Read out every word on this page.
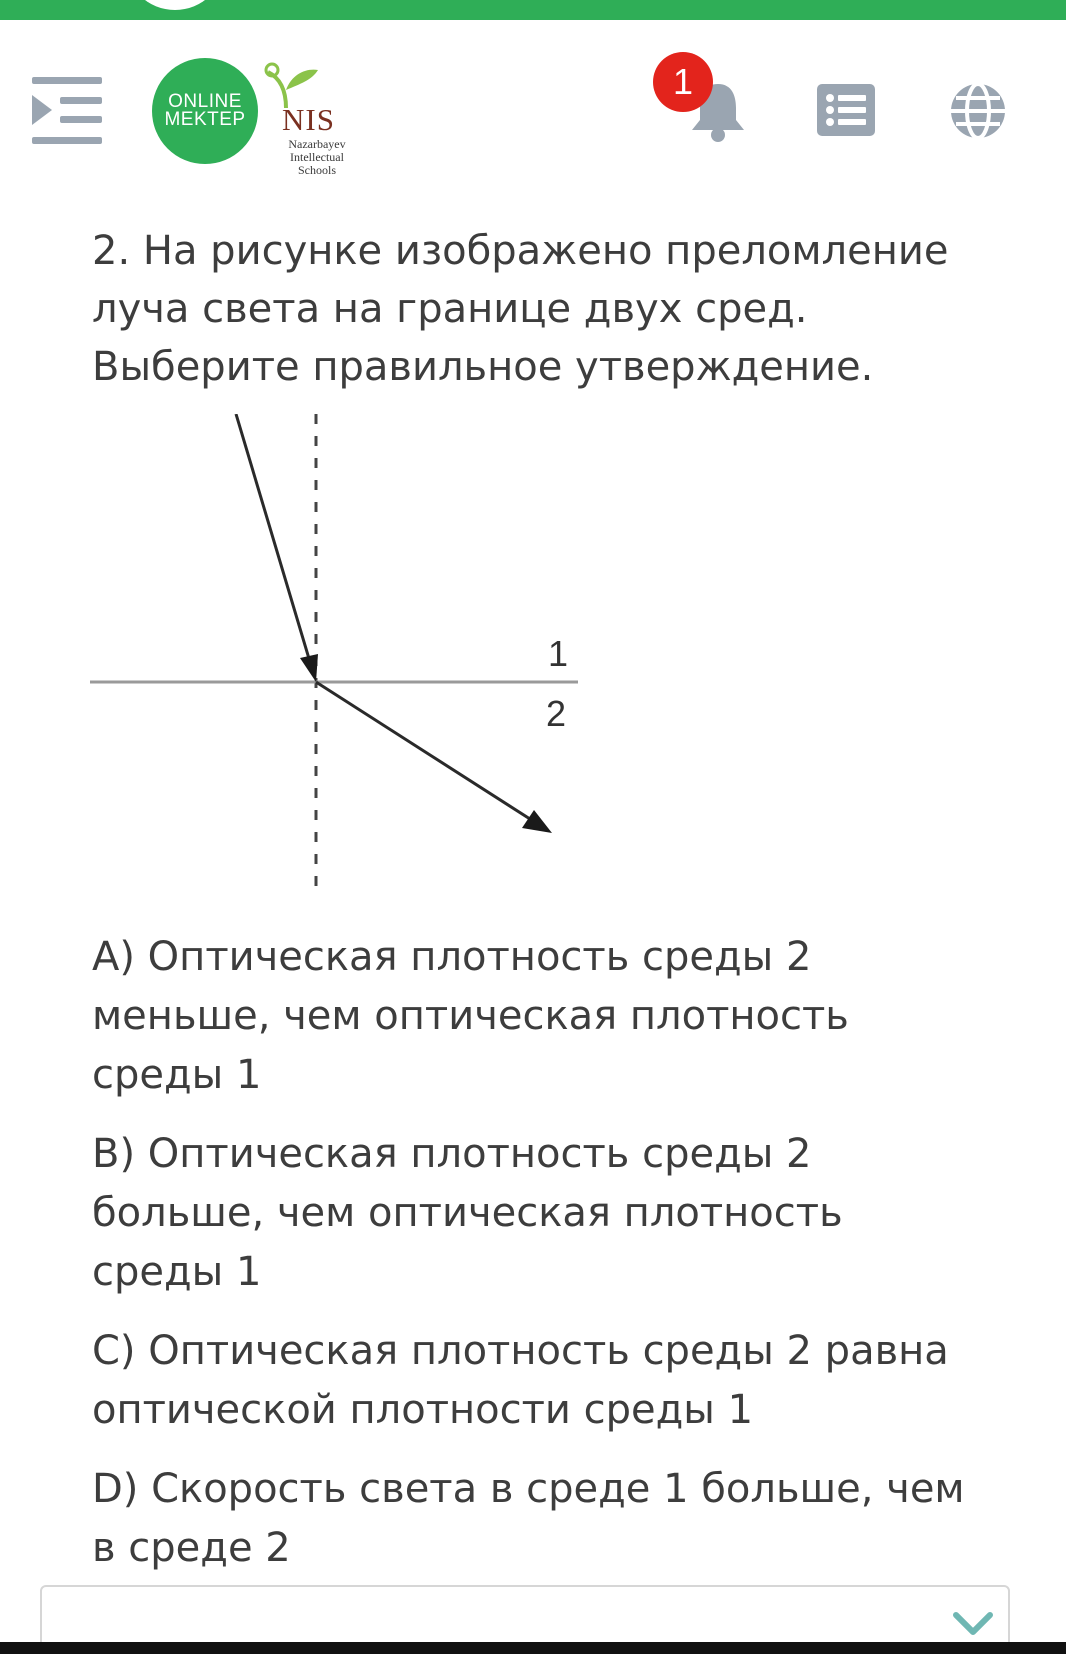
ONLINE
MEKTEP NIS
Nazarbayev
Intellectual
Schools
1
2. На рисунке изображено преломление
луча света на границе двух сред.
Выберите правильное утверждение.
1
2
A) Оптическая плотность среды 2
меньше, чем оптическая плотность
среды 1
B) Оптическая плотность среды 2
больше, чем оптическая плотность
среды 1
C) Оптическая плотность среды 2 равна
оптической плотности среды 1
D) Скорость света в среде 1 больше, чем
в среде 2
